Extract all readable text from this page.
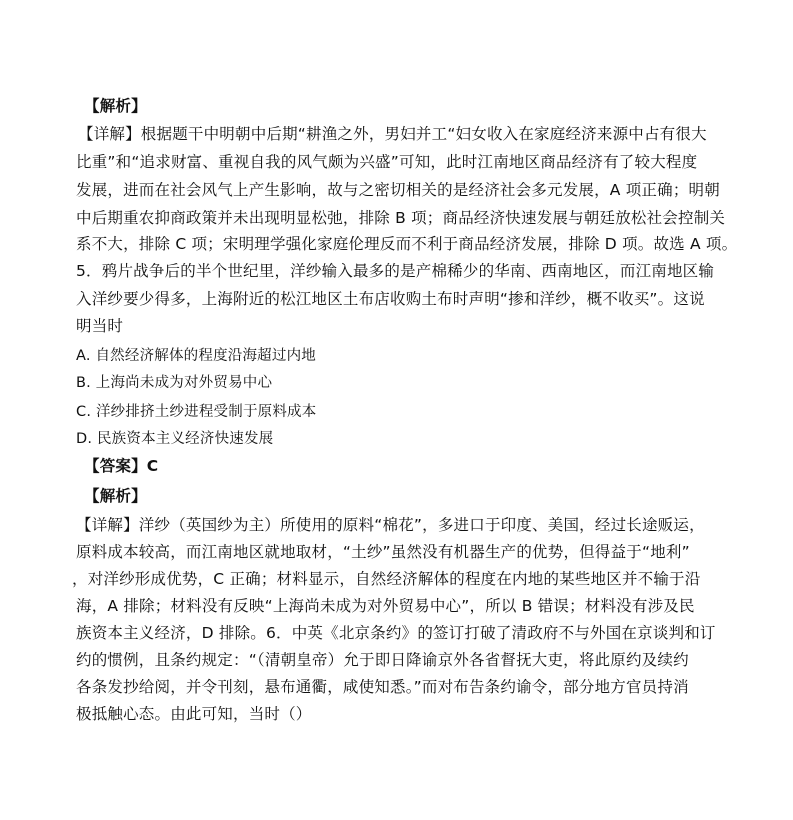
【解析】
【详解】根据题干中明朝中后期“耕渔之外，男妇并工“妇女收入在家庭经济来源中占有很大
比重”和“追求财富、重视自我的风气颇为兴盛”可知，此时江南地区商品经济有了较大程度
发展，进而在社会风气上产生影响，故与之密切相关的是经济社会多元发展，A 项正确；明朝
中后期重农抑商政策并未出现明显松弛，排除 B 项；商品经济快速发展与朝廷放松社会控制关
系不大，排除 C 项；宋明理学强化家庭伦理反而不利于商品经济发展，排除 D 项。故选 A 项。
5．鸦片战争后的半个世纪里，洋纱输入最多的是产棉稀少的华南、西南地区，而江南地区输
入洋纱要少得多，上海附近的松江地区土布店收购土布时声明“掺和洋纱，概不收买”。这说
明当时
A. 自然经济解体的程度沿海超过内地
B. 上海尚未成为对外贸易中心
C. 洋纱排挤土纱进程受制于原料成本
D. 民族资本主义经济快速发展
【答案】C
【解析】
【详解】洋纱（英国纱为主）所使用的原料“棉花”，多进口于印度、美国，经过长途贩运，
原料成本较高，而江南地区就地取材，“土纱”虽然没有机器生产的优势，但得益于“地利”
，对洋纱形成优势，C 正确；材料显示，自然经济解体的程度在内地的某些地区并不输于沿
海，A 排除；材料没有反映“上海尚未成为对外贸易中心”，所以 B 错误；材料没有涉及民
族资本主义经济，D 排除。6．中英《北京条约》的签订打破了清政府不与外国在京谈判和订
约的惯例，且条约规定：“（清朝皇帝）允于即日降谕京外各省督抚大吏，将此原约及续约
各条发抄给阅，并令刊刻，悬布通衢，咸使知悉。”而对布告条约谕令，部分地方官员持消
极抵触心态。由此可知，当时（）
